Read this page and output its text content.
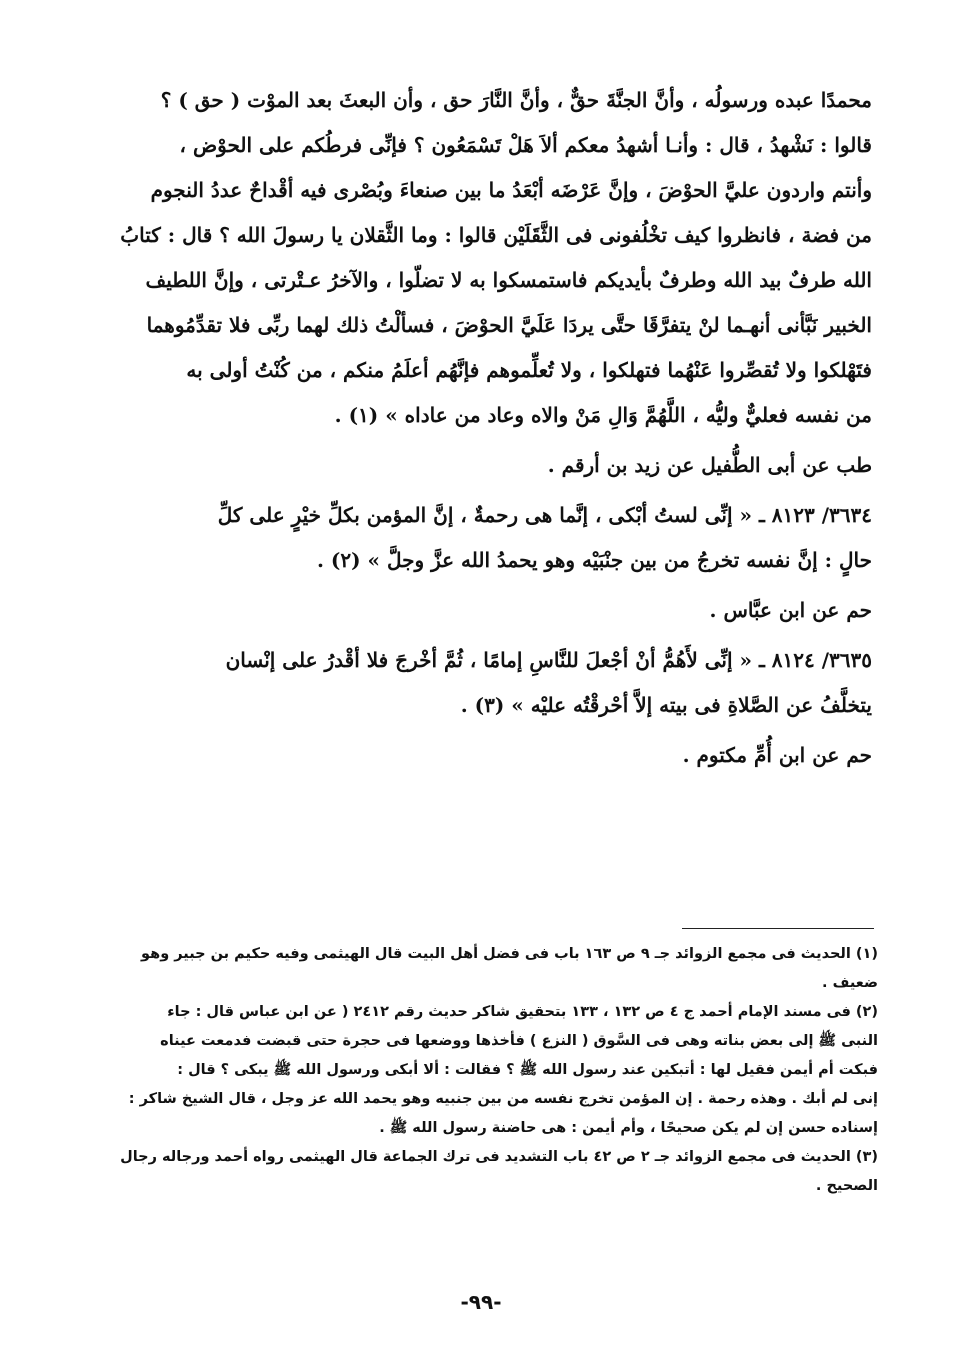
محمدًا عبده ورسولُه ، وأنَّ الجنَّةَ حقٌّ ، وأنَّ النَّارَ حق ، وأن البعثَ بعد الموْت ( حق ) ؟
قالوا : نَشْهدُ ، قال : وأنـا أشهدُ معكم ألاَ هَلْ تَسْمَعُون ؟ فإنِّى فرطُكم على الحوْض ،
وأنتم واردون عليَّ الحوْضَ ، وإنَّ عَرْضَه أبْعَدُ ما بين صنعاءَ وبُصْرى فيه أقْداحٌ عددُ النجوم
من فضة ، فانظروا كيف تخْلُفونى فى الثَّقَلَيْن قالوا : وما الثَّقلان يا رسولَ الله ؟ قال : كتابُ
الله طرفٌ بيد الله وطرفٌ بأيديكم فاستمسكوا به لا تضلّوا ، والآخرُ عـتْرتى ، وإنَّ اللطيف
الخبير نَبَّأنى أنهـما لنْ يتفرَّقَا حتَّى يردَا عَلَيَّ الحوْضَ ، فسألْتُ ذلك لهما ربِّى فلا تقدِّمُوهما
فتَهْلكوا ولا تُقصِّروا عَنْهُما فتهلكوا ، ولا تُعلِّموهم فإنَّهُم أعلَمُ منكم ، من كُنْتُ أولى به
من نفسه فعليٌّ وليُّه ، اللَّهُمَّ وَالِ مَنْ والاه وعاد من عاداه » (١) .
طب عن أبى الطُّفيل عن زيد بن أرقم .
٣٦٣٤/ ٨١٢٣ ـ « إنِّى لستُ أبْكى ، إنَّما هى رحمةٌ ، إنَّ المؤمن بكلِّ خيْرٍ على كلِّ
حالٍ : إنَّ نفسه تخرجُ من بين جنْبَيْه وهو يحمدُ الله عزَّ وجلَّ » (٢) .
حم عن ابن عبَّاس .
٣٦٣٥/ ٨١٢٤ ـ « إنِّى لأَهُمُّ أنْ أجْعلَ للنَّاسِ إمامًا ، ثُمَّ أخْرجَ فلا أقْدرُ على إنْسان
يتخلَّفُ عن الصَّلاةِ فى بيته إلاَّ أحْرقْتُه عليْه » (٣) .
حم عن ابن أُمِّ مكتوم .
(١) الحديث فى مجمع الزوائد جـ ٩ ص ١٦٣ باب فى فضل أهل البيت قال الهيثمى وفيه حكيم بن جبير وهو
ضعيف .
(٢) فى مسند الإمام أحمد ج ٤ ص ١٣٢ ، ١٣٣ بتحقيق شاكر حديث رقم ٢٤١٢ ( عن ابن عباس قال : جاء
النبى ﷺ إلى بعض بناته وهى فى السَّوق ( النزع ) فأخذها ووضعها فى حجرة حتى قبضت فدمعت عيناه
فبكت أم أيمن فقيل لها : أتبكين عند رسول الله ﷺ ؟ فقالت : ألا أبكى ورسول الله ﷺ يبكى ؟ قال :
إنى لم أبك . وهذه رحمة . إن المؤمن تخرج نفسه من بين جنبيه وهو يحمد الله عز وجل ، قال الشيخ شاكر :
إسناده حسن إن لم يكن صحيحًا ، وأم أيمن : هى حاضنة رسول الله ﷺ .
(٣) الحديث فى مجمع الزوائد جـ ٢ ص ٤٢ باب التشديد فى ترك الجماعة قال الهيثمى رواه أحمد ورجاله رجال
الصحيح .
-٩٩-
